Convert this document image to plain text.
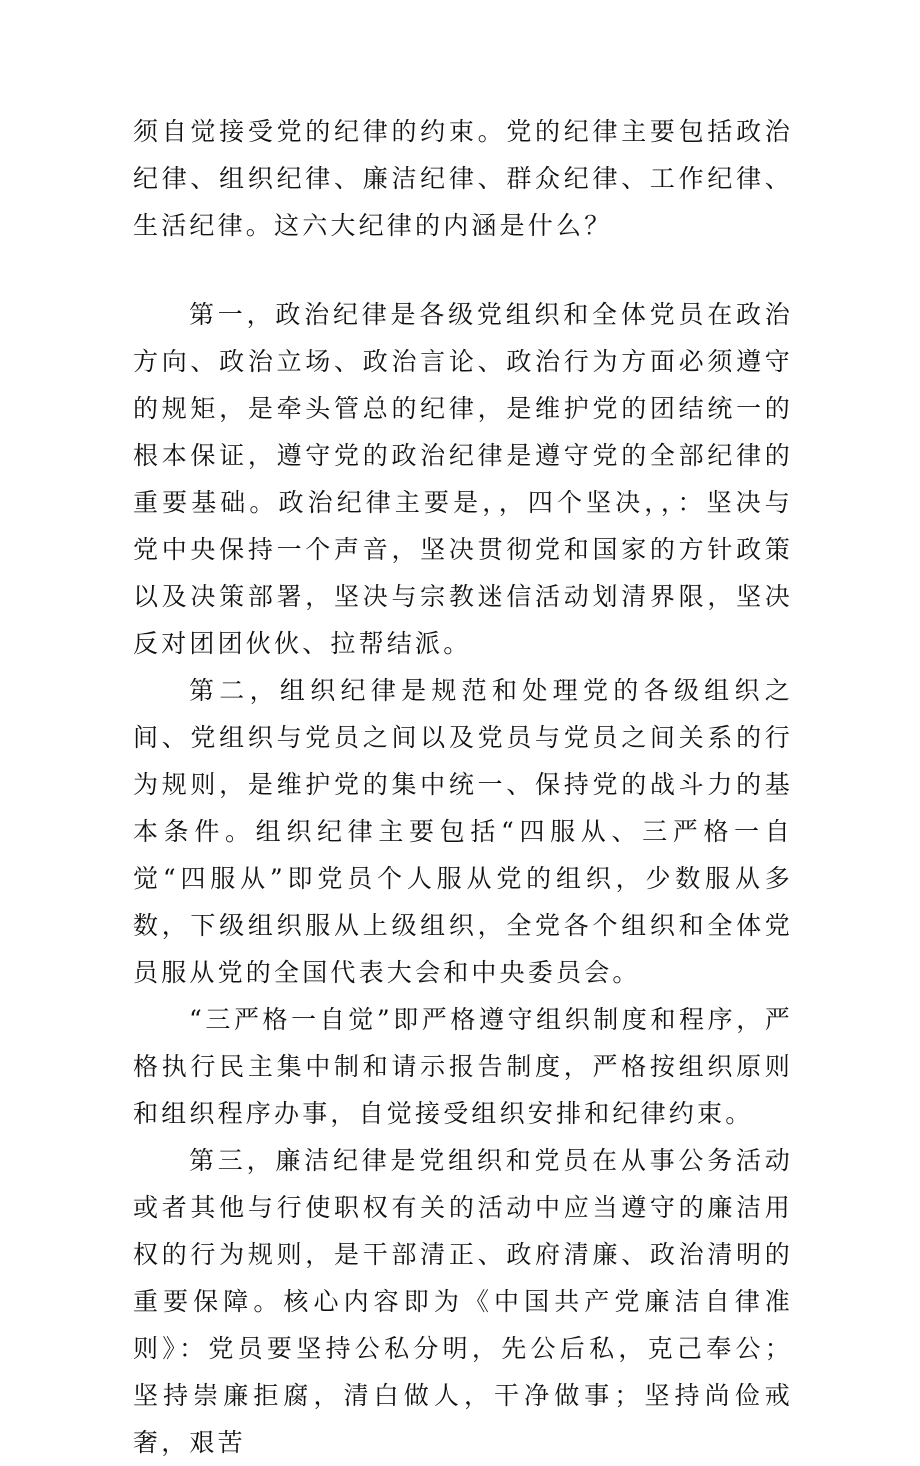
须自觉接受党的纪律的约束。党的纪律主要包括政治纪律、组织纪律、廉洁纪律、群众纪律、工作纪律、生活纪律。这六大纪律的内涵是什么？

第一，政治纪律是各级党组织和全体党员在政治方向、政治立场、政治言论、政治行为方面必须遵守的规矩，是牵头管总的纪律，是维护党的团结统一的根本保证，遵守党的政治纪律是遵守党的全部纪律的重要基础。政治纪律主要是，，四个坚决，，：坚决与党中央保持一个声音，坚决贯彻党和国家的方针政策以及决策部署，坚决与宗教迷信活动划清界限，坚决反对团团伙伙、拉帮结派。

第二，组织纪律是规范和处理党的各级组织之间、党组织与党员之间以及党员与党员之间关系的行为规则，是维护党的集中统一、保持党的战斗力的基本条件。组织纪律主要包括“四服从、三严格一自觉“四服从”即党员个人服从党的组织，少数服从多数，下级组织服从上级组织，全党各个组织和全体党员服从党的全国代表大会和中央委员会。

“三严格一自觉”即严格遵守组织制度和程序，严格执行民主集中制和请示报告制度，严格按组织原则和组织程序办事，自觉接受组织安排和纪律约束。

第三，廉洁纪律是党组织和党员在从事公务活动或者其他与行使职权有关的活动中应当遵守的廉洁用权的行为规则，是干部清正、政府清廉、政治清明的重要保障。核心内容即为《中国共产党廉洁自律准则》：党员要坚持公私分明，先公后私，克己奉公；坚持崇廉拒腐，清白做人，干净做事；坚持尚俭戒奢，艰苦
